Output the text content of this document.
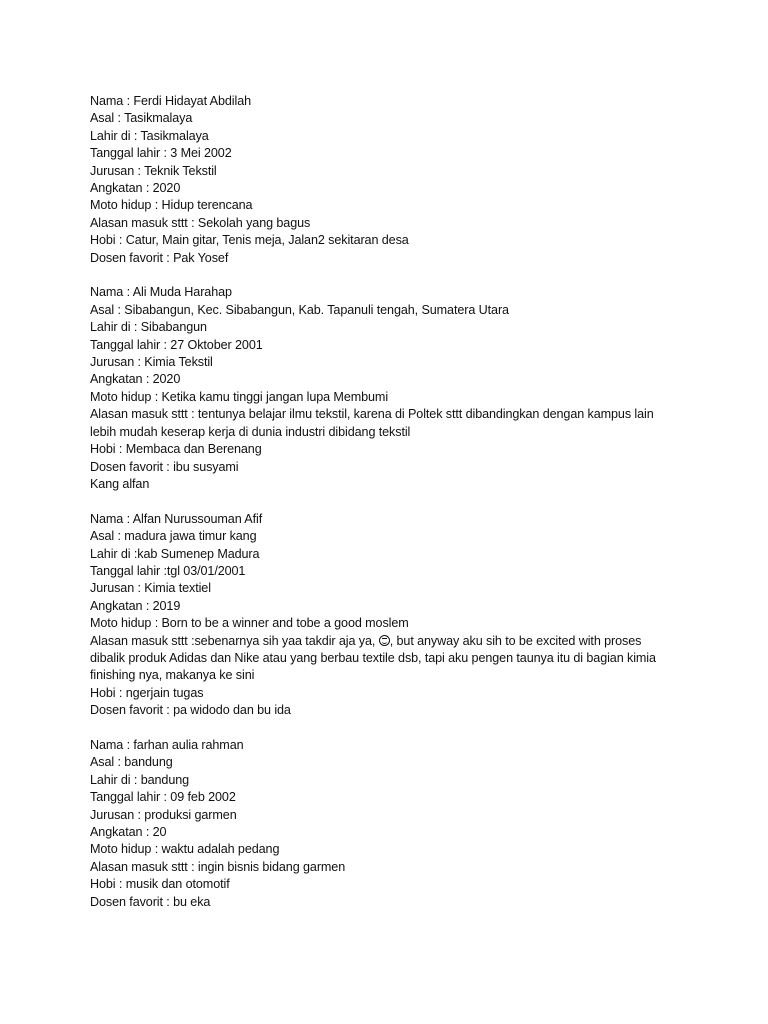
Nama : Ferdi Hidayat Abdilah
Asal : Tasikmalaya
Lahir di : Tasikmalaya
Tanggal lahir : 3 Mei 2002
Jurusan : Teknik Tekstil
Angkatan : 2020
Moto hidup : Hidup terencana
Alasan masuk sttt : Sekolah yang bagus
Hobi : Catur, Main gitar, Tenis meja, Jalan2 sekitaran desa
Dosen favorit : Pak Yosef
Nama : Ali Muda Harahap
Asal : Sibabangun, Kec. Sibabangun, Kab. Tapanuli tengah, Sumatera Utara
Lahir di : Sibabangun
Tanggal lahir : 27 Oktober 2001
Jurusan : Kimia Tekstil
Angkatan : 2020
Moto hidup : Ketika kamu tinggi jangan lupa Membumi
Alasan masuk sttt : tentunya belajar ilmu tekstil, karena di Poltek sttt dibandingkan dengan kampus lain
lebih mudah keserap kerja di dunia industri dibidang tekstil
Hobi : Membaca dan Berenang
Dosen favorit : ibu susyami
Kang alfan
Nama : Alfan Nurussouman Afif
Asal : madura jawa timur kang
Lahir di :kab Sumenep Madura
Tanggal lahir :tgl 03/01/2001
Jurusan : Kimia textiel
Angkatan : 2019
Moto hidup : Born to be a winner and tobe a good moslem
Alasan masuk sttt :sebenarnya sih yaa takdir aja ya, , but anyway aku sih to be excited with proses
dibalik produk Adidas dan Nike atau yang berbau textile dsb, tapi aku pengen taunya itu di bagian kimia
finishing nya, makanya ke sini
Hobi : ngerjain tugas
Dosen favorit : pa widodo dan bu ida
Nama : farhan aulia rahman
Asal : bandung
Lahir di : bandung
Tanggal lahir : 09 feb 2002
Jurusan : produksi garmen
Angkatan : 20
Moto hidup : waktu adalah pedang
Alasan masuk sttt : ingin bisnis bidang garmen
Hobi : musik dan otomotif
Dosen favorit : bu eka
